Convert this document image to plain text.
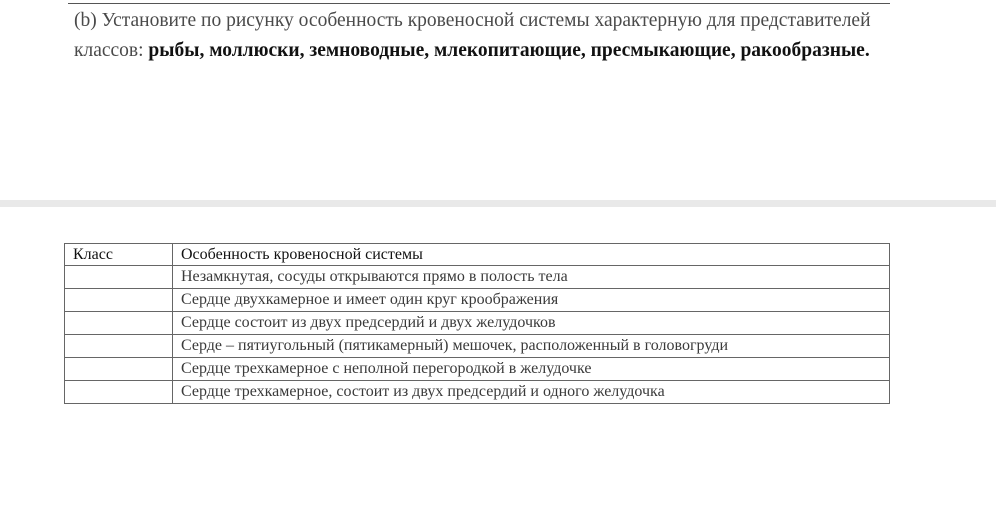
(b) Установите по рисунку особенность кровеносной системы характерную для представителей классов: рыбы, моллюски, земноводные, млекопитающие, пресмыкающие, ракообразные.
Класс	Особенность кровеносной системы
	Незамкнутая, сосуды открываются прямо в полость тела
	Сердце двухкамерное и имеет один круг кроображения
	Сердце состоит из двух предсердий и двух желудочков
	Серде – пятиугольный (пятикамерный) мешочек, расположенный в головогруди
	Сердце трехкамерное с неполной перегородкой в желудочке
	Сердце трехкамерное, состоит из двух предсердий и одного желудочка
